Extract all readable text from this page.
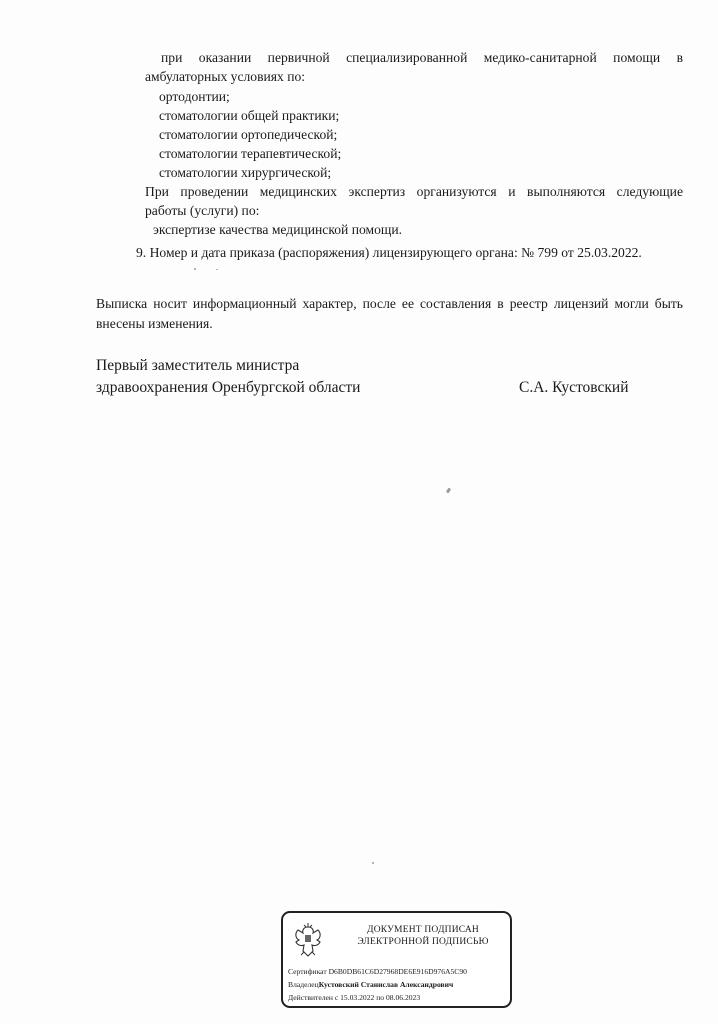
при оказании первичной специализированной медико-санитарной помощи в
амбулаторных условиях по:
ортодонтии;
стоматологии общей практики;
стоматологии ортопедической;
стоматологии терапевтической;
стоматологии хирургической;
При проведении медицинских экспертиз организуются и выполняются следующие
работы (услуги) по:
экспертизе качества медицинской помощи.
9. Номер и дата приказа (распоряжения) лицензирующего органа: № 799 от 25.03.2022.
Выписка носит информационный характер, после ее составления в реестр лицензий могли быть
внесены изменения.
Первый заместитель министра
здравоохранения Оренбургской области	С.А. Кустовский
ДОКУМЕНТ ПОДПИСАН
ЭЛЕКТРОННОЙ ПОДПИСЬЮ
Сертификат D6B0DB61C6D27968DE6E916D976A5C90
ВладелецКустовский Станислав Александрович
Действителен с 15.03.2022 по 08.06.2023
